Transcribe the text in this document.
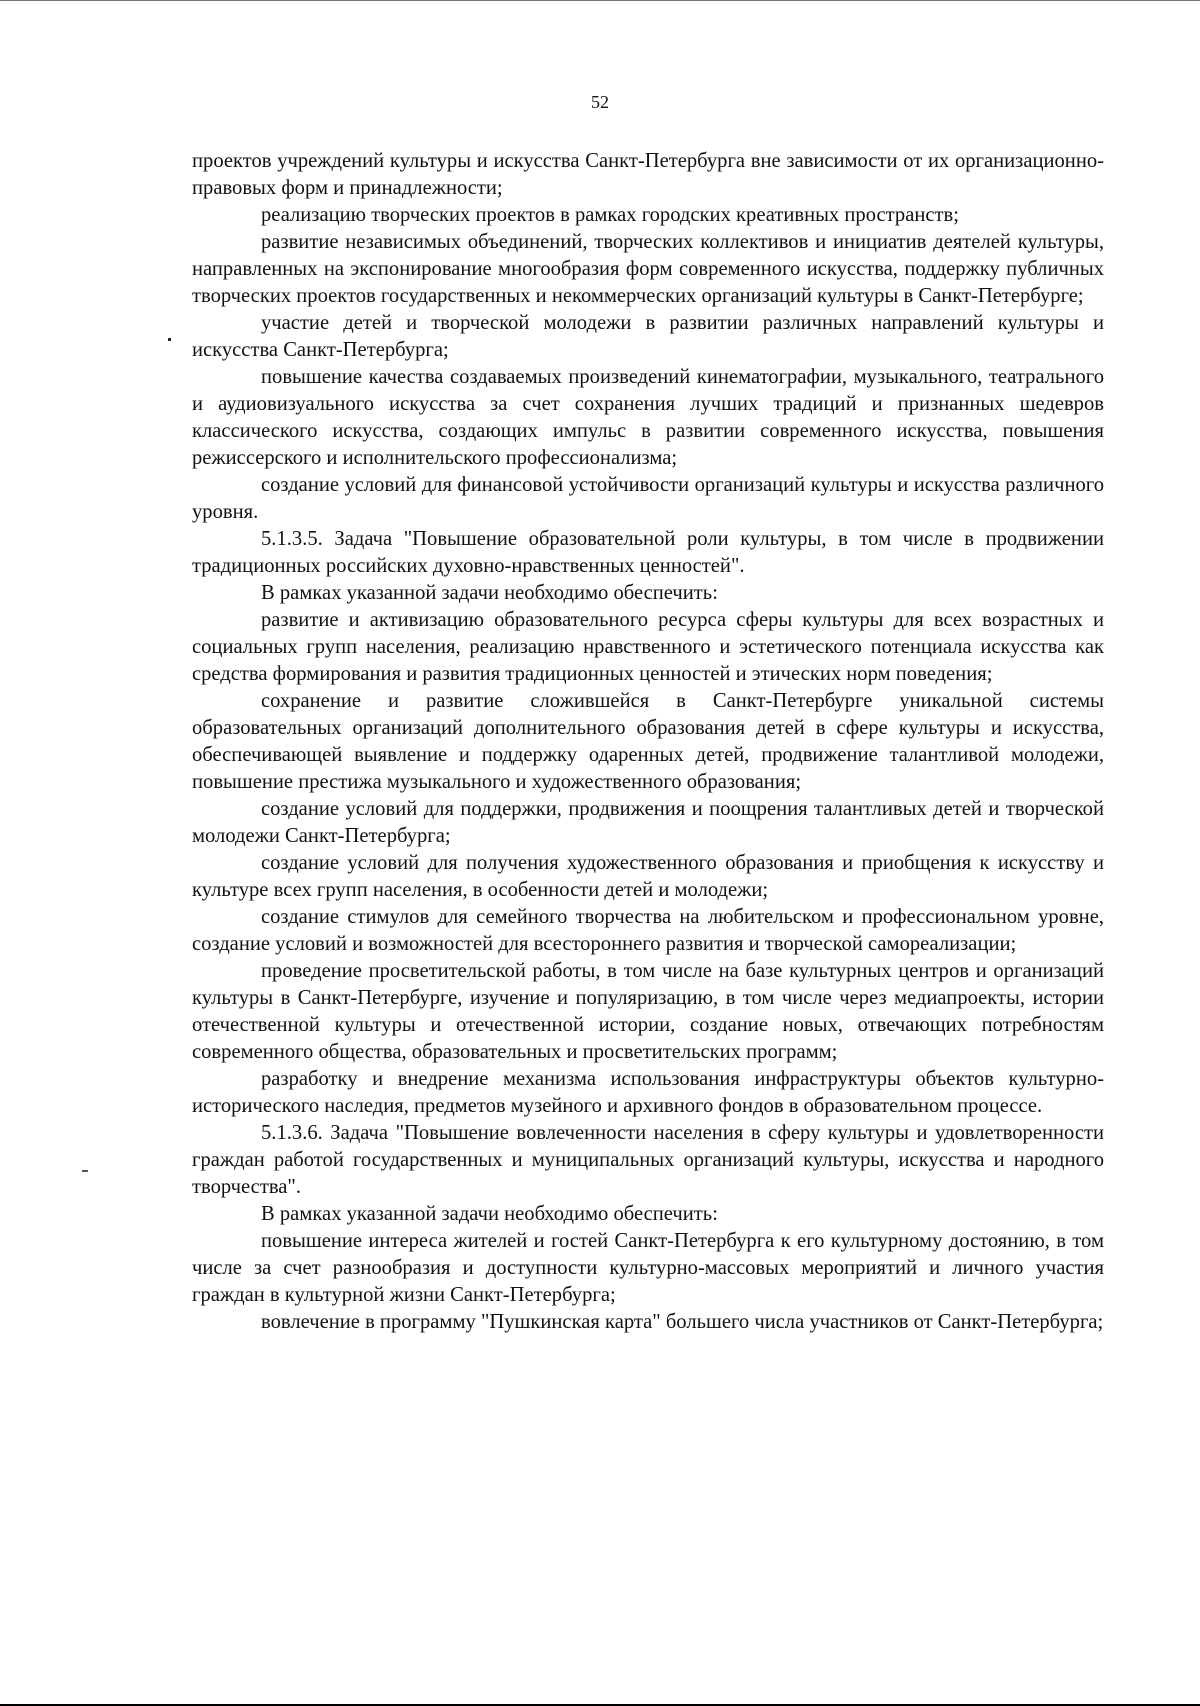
52

проектов учреждений культуры и искусства Санкт-Петербурга вне зависимости от их организационно-правовых форм и принадлежности;

реализацию творческих проектов в рамках городских креативных пространств;

развитие независимых объединений, творческих коллективов и инициатив деятелей культуры, направленных на экспонирование многообразия форм современного искусства, поддержку публичных творческих проектов государственных и некоммерческих организаций культуры в Санкт-Петербурге;

участие детей и творческой молодежи в развитии различных направлений культуры и искусства Санкт-Петербурга;

повышение качества создаваемых произведений кинематографии, музыкального, театрального и аудиовизуального искусства за счет сохранения лучших традиций и признанных шедевров классического искусства, создающих импульс в развитии современного искусства, повышения режиссерского и исполнительского профессионализма;

создание условий для финансовой устойчивости организаций культуры и искусства различного уровня.

5.1.3.5. Задача "Повышение образовательной роли культуры, в том числе в продвижении традиционных российских духовно-нравственных ценностей".

В рамках указанной задачи необходимо обеспечить:

развитие и активизацию образовательного ресурса сферы культуры для всех возрастных и социальных групп населения, реализацию нравственного и эстетического потенциала искусства как средства формирования и развития традиционных ценностей и этических норм поведения;

сохранение и развитие сложившейся в Санкт-Петербурге уникальной системы образовательных организаций дополнительного образования детей в сфере культуры и искусства, обеспечивающей выявление и поддержку одаренных детей, продвижение талантливой молодежи, повышение престижа музыкального и художественного образования;

создание условий для поддержки, продвижения и поощрения талантливых детей и творческой молодежи Санкт-Петербурга;

создание условий для получения художественного образования и приобщения к искусству и культуре всех групп населения, в особенности детей и молодежи;

создание стимулов для семейного творчества на любительском и профессиональном уровне, создание условий и возможностей для всестороннего развития и творческой самореализации;

проведение просветительской работы, в том числе на базе культурных центров и организаций культуры в Санкт-Петербурге, изучение и популяризацию, в том числе через медиапроекты, истории отечественной культуры и отечественной истории, создание новых, отвечающих потребностям современного общества, образовательных и просветительских программ;

разработку и внедрение механизма использования инфраструктуры объектов культурно-исторического наследия, предметов музейного и архивного фондов в образовательном процессе.

5.1.3.6. Задача "Повышение вовлеченности населения в сферу культуры и удовлетворенности граждан работой государственных и муниципальных организаций культуры, искусства и народного творчества".

В рамках указанной задачи необходимо обеспечить:

повышение интереса жителей и гостей Санкт-Петербурга к его культурному достоянию, в том числе за счет разнообразия и доступности культурно-массовых мероприятий и личного участия граждан в культурной жизни Санкт-Петербурга;

вовлечение в программу "Пушкинская карта" большего числа участников от Санкт-Петербурга;
